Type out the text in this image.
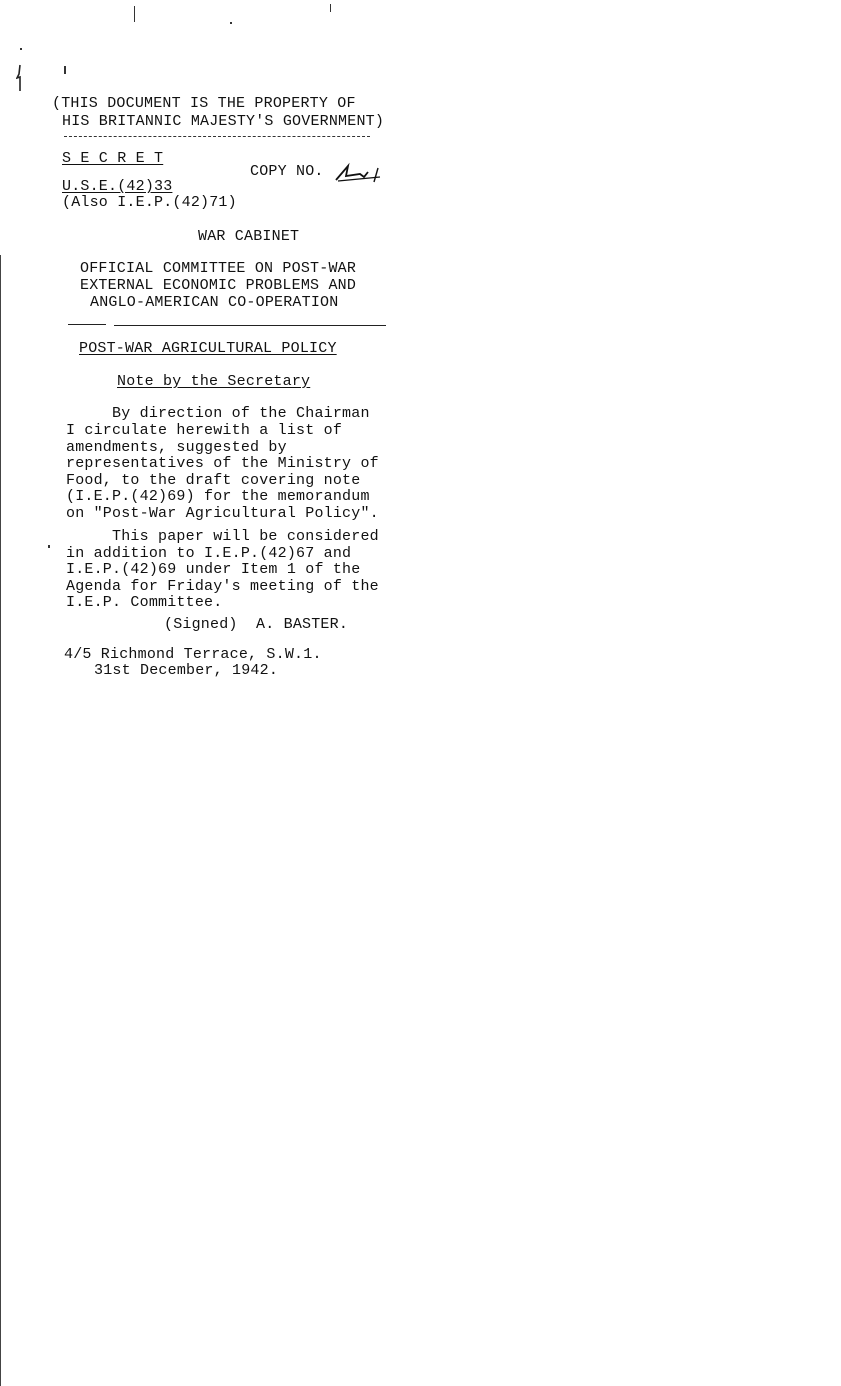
(THIS DOCUMENT IS THE PROPERTY OF
HIS BRITANNIC MAJESTY'S GOVERNMENT)
S E C R E T
COPY NO.
U.S.E.(42)33
(Also I.E.P.(42)71)
WAR CABINET
OFFICIAL COMMITTEE ON POST-WAR
EXTERNAL ECONOMIC PROBLEMS AND
ANGLO-AMERICAN CO-OPERATION
POST-WAR AGRICULTURAL POLICY
Note by the Secretary
By direction of the Chairman
I circulate herewith a list of
amendments, suggested by
representatives of the Ministry of
Food, to the draft covering note
(I.E.P.(42)69) for the memorandum
on "Post-War Agricultural Policy".
This paper will be considered
in addition to I.E.P.(42)67 and
I.E.P.(42)69 under Item 1 of the
Agenda for Friday's meeting of the
I.E.P. Committee.
(Signed)  A. BASTER.
4/5 Richmond Terrace, S.W.1.
31st December, 1942.
